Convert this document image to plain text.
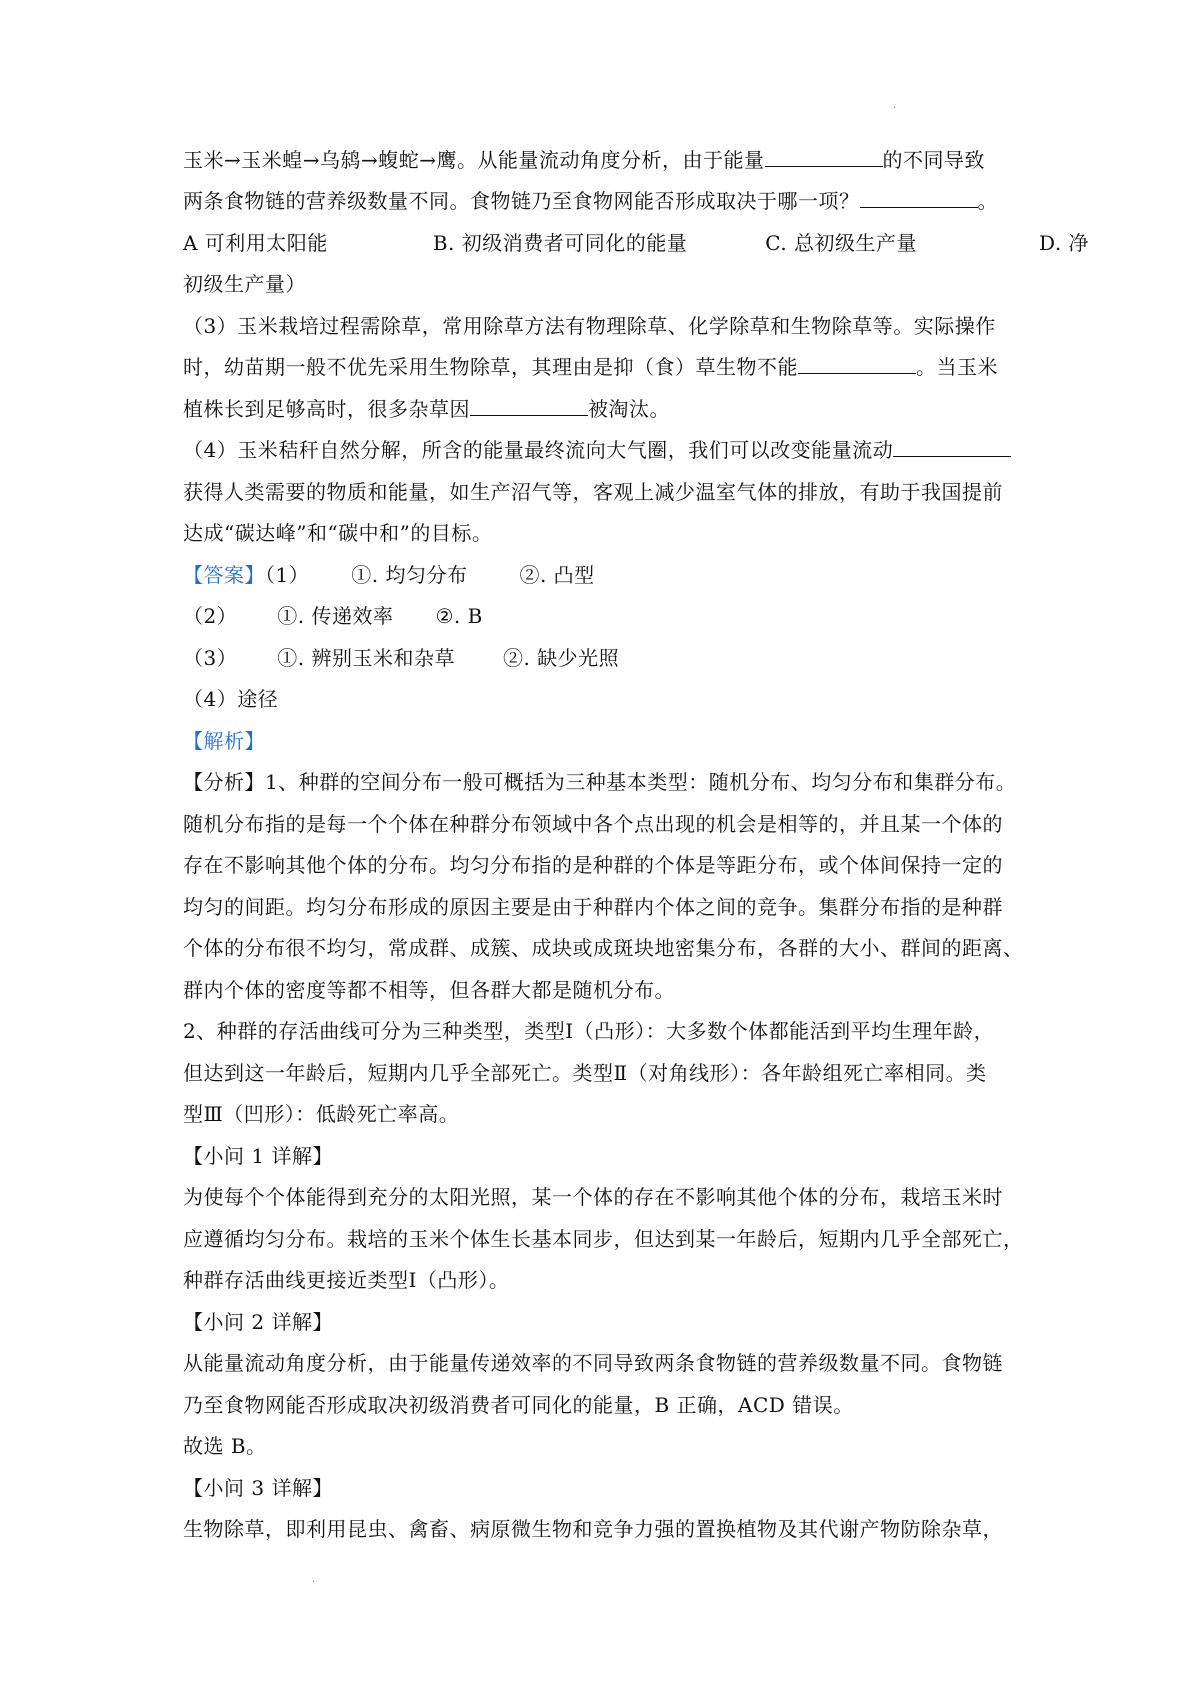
.
玉米→玉米蝗→乌鸫→蝮蛇→鹰。从能量流动角度分析，由于能量	的不同导致
两条食物链的营养级数量不同。食物链乃至食物网能否形成取决于哪一项？	。
A 可利用太阳能	B. 初级消费者可同化的能量	C. 总初级生产量	D. 净
初级生产量）
（3）玉米栽培过程需除草，常用除草方法有物理除草、化学除草和生物除草等。实际操作
时，幼苗期一般不优先采用生物除草，其理由是抑（食）草生物不能	。当玉米
植株长到足够高时，很多杂草因	被淘汰。
（4）玉米秸秆自然分解，所含的能量最终流向大气圈，我们可以改变能量流动
获得人类需要的物质和能量，如生产沼气等，客观上减少温室气体的排放，有助于我国提前
达成“碳达峰”和“碳中和”的目标。
【答案】（1） ①. 均匀分布	②. 凸型
（2） ①. 传递效率 ②. B
（3） ①. 辨别玉米和杂草 ②. 缺少光照
（4）途径
【解析】
【分析】1、种群的空间分布一般可概括为三种基本类型：随机分布、均匀分布和集群分布。
随机分布指的是每一个个体在种群分布领域中各个点出现的机会是相等的，并且某一个体的
存在不影响其他个体的分布。均匀分布指的是种群的个体是等距分布，或个体间保持一定的
均匀的间距。均匀分布形成的原因主要是由于种群内个体之间的竞争。集群分布指的是种群
个体的分布很不均匀，常成群、成簇、成块或成斑块地密集分布，各群的大小、群间的距离、
群内个体的密度等都不相等，但各群大都是随机分布。
2、种群的存活曲线可分为三种类型，类型Ⅰ（凸形）：大多数个体都能活到平均生理年龄，
但达到这一年龄后，短期内几乎全部死亡。类型Ⅱ（对角线形）：各年龄组死亡率相同。类
型Ⅲ（凹形）：低龄死亡率高。
【小问 1 详解】
为使每个个体能得到充分的太阳光照，某一个体的存在不影响其他个体的分布，栽培玉米时
应遵循均匀分布。栽培的玉米个体生长基本同步，但达到某一年龄后，短期内几乎全部死亡，
种群存活曲线更接近类型Ⅰ（凸形）。
【小问 2 详解】
从能量流动角度分析，由于能量传递效率的不同导致两条食物链的营养级数量不同。食物链
乃至食物网能否形成取决初级消费者可同化的能量，B 正确，ACD 错误。
故选 B。
【小问 3 详解】
生物除草，即利用昆虫、禽畜、病原微生物和竞争力强的置换植物及其代谢产物防除杂草，
.
